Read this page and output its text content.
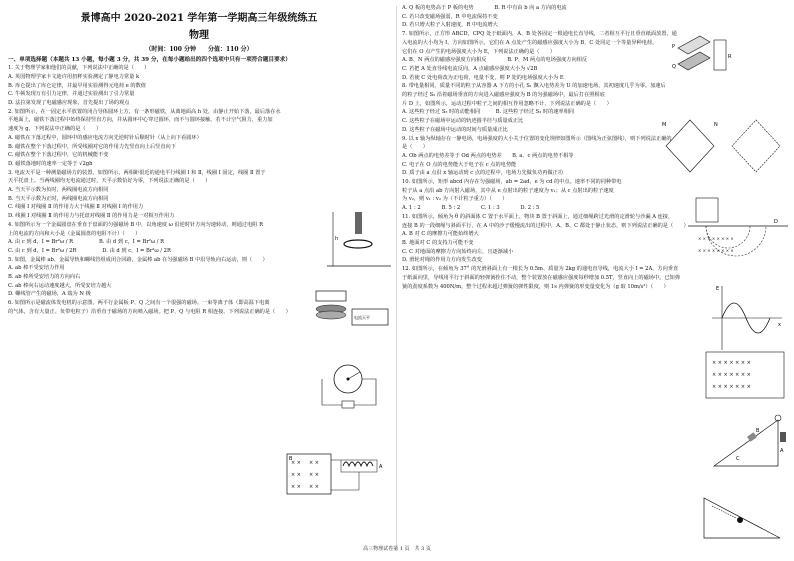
景博高中 2020-2021 学年第一学期高三年级统练五
物理
（时间：100 分钟　　分值：110 分）

一、单项选择题（本题共 13 小题，每小题 3 分，共 39 分，在每小题给出的四个选项中只有一项符合题目要求）

1. 关于物理学家和他们的贡献，下列说法中正确的是（　　）

A. 英国物理学家卡文迪许用扭秤实验测定了静电力常量 k

B. 库仑提出了库仑定律，并最早用实验测得元电荷 e 的数值

C. 牛顿发现万有引力定律，并通过实验测出了引力常量

D. 法拉第发现了电磁感应现象，首先提出了场的观点

2. 如图所示，在一固定水平放置的闭合导体圆环上方，有一条形磁铁，从离地面高 h 处，由静止开始下落，最后落在水

平地面上，磁铁下落过程中始终保持竖直方向，并从圆环中心穿过圆环，而不与圆环接触。若不计空气阻力，重力加

速度为 g，下列说法中正确的是（　　）

A. 磁铁在下落过程中，圆环中的感应电流方向先逆时针后顺时针（从上向下看圆环）

B. 磁铁在整个下落过程中，所受线圈对它的作用力先竖直向上后竖直向下

C. 磁铁在整个下落过程中，它的机械能不变

D. 磁铁落地时的速率一定等于 √2gh

3. 电流天平是一种测量磁场力的装置，如图所示，两相距很近的通电平行线圈 Ⅰ 和 Ⅱ，线圈 Ⅰ 固定，线圈 Ⅱ 置于

天平托盘上。当两线圈均无电流通过时，天平示数恰好为零，下列说法正确的是（　　）

A. 当天平示数为负时，两线圈电流方向相同

B. 当天平示数为正时，两线圈电流方向相同

C. 线圈 Ⅰ 对线圈 Ⅱ 的作用力大于线圈 Ⅱ 对线圈 Ⅰ 的作用力

D. 线圈 Ⅰ 对线圈 Ⅱ 的作用力与托盘对线圈 Ⅱ 的作用力是一对相互作用力

4. 如图所示为一个金属圆盘在垂直于盘面的匀强磁场 B 中，以角速度 ω 沿逆时针方向匀速转动，则通过电阻 R

上的电流的方向和大小是（金属圆盘的电阻不计）（　　）

A. 由 c 到 d，I = Br²ω / R　　　　　B. 由 d 到 c，I = Br²ω / R

C. 由 c 到 d，I = Br²ω / 2R　　　　　D. 由 d 到 c，I = Br²ω / 2R

5. 如图，金属棒 ab、金属导轨和螺线管组成闭合回路，金属棒 ab 在匀强磁场 B 中沿导轨向右运动，则（　　）

A. ab 棒不受安培力作用

B. ab 棒所受安培力的方向向右

C. ab 棒向右运动速度越大，所受安培力越大

D. 螺线管产生的磁场，A 端为 N 极

6. 如图所示是磁流体发电机的示意图，两平行金属板 P、Q 之间有一个很强的磁场。一束等离子体（即高温下电离

的气体，含有大量正、负带电粒子）沿垂直于磁场的方向喷入磁场。把 P、Q 与电阻 R 相连接。下列说法正确的是（　　）

A. Q 板的电势高于 P 板的电势　　　　B. R 中有由 b 向 a 方向的电流

C. 若只改变磁场强弱，R 中电流保持不变

D. 若只增大粒子入射速度，R 中电流增大

7. 如图所示，正方形 ABCD，CPQ 处于纸面内，A、B 处各固定一根通电长直导线，二者相互平行且垂直纸面放置，通

入电流的大小均为 I，方向如图所示，它们在 A 点处产生的磁感应强度大小为 B，C 处同定一个等量异种电荷，

它们在 O 点产生的电场强度大小为 E，下列说法正确的是（　　）

A. B、N 两点的磁感应强度方向相反　　　　B. P、M 两点的电场强度方向相反

C. 若把 A 处直导线电流反向，A 点磁感应强度大小为 √2B

D. 若使 C 处电荷改为正电荷，电量不变，则 P 处的电场强度大小为 E

8. 带电量相同、质量不同的粒子从容器 A 下方的小孔 S₁ 飘入电势差为 U 的加速电场，其初速度几乎为零。加速后

的粒子经过 S₃ 沿着磁场垂直的方向进入磁感应强度为 B 的匀强磁场中，最后打在照相底

片 D 上，如图所示，运动过程中粒子之间的相互作用忽略不计，下列说法正确的是（　　）

A. 这些粒子经过 S₃ 时的动能相同　　　B. 这些粒子经过 S₃ 时的速率相同

C. 这些粒子在磁场中运动的轨迹圆半径与质量成正比

D. 这些粒子在磁场中运动的时间与质量成正比

9. 以 x 轴为纵轴存在一静电场，电场强度的大小关于位置的变化规律如图所示（图线为正弦图线），则下列说法正确的

是（　　）

A. Ob 两点的电势差等于 Od 两点的电势差　　B. a、c 两点的电势不相等

C. 电子在 O 点的电势能大于电子在 c 点的电势能

D. 质子由 a 点沿 x 轴运动到 c 点的过程中，电场力先做负功再做正功

10. 如图所示，矩形 abcd 内存在匀强磁场，ab = 2ad，e 为 cd 的中点。速率不同的同种带电

粒子从 a 点沿 ab 方向射入磁场，其中从 e 点射出的粒子速度为 v₁；从 c 点射出的粒子速度

为 v₂，则 v₁ : v₂ 为（不计粒子重力）（　　）

A. 1 : 2　　　　B. 5 : 2　　　　C. 1 : 3　　　　D. 2 : 5

11. 如图所示，倾角为 θ 的斜面体 C 置于水平面上，物块 B 置于斜面上，通过细绳跨过光滑的定滑轮与沙漏 A 连接，

连接 B 的一段细绳与斜面平行，在 A 中的沙子缓慢流出的过程中，A、B、C 都处于静止状态，则下列说法正确的是（　　）

A. B 对 C 的摩擦力可能始终增大

B. 地面对 C 的支持力可能不变

C. C 对地面的摩擦力方向始终向左，且逐渐减小

D. 滑轮对绳的作用力方向发生改变

12. 如图所示，在倾角为 37° 的光滑斜面上有一根长为 0.5m、质量为 2kg 的通电直导线，电流大小 I = 2A，方向垂直

于纸面向里，导线用平行于斜面的轻弹簧拴住不动，整个装置放在磁感应强度每秒增加 0.5T，竖直向上的磁场中。已知弹

簧的劲度系数为 400N/m，整个过程未超过弹簧的弹性限度，则 1s 内弹簧的形变量变化为（g 取 10m/s²）（　　）

h
电流天平
× × × ×
× × × ×
× × × ×
B
A
P
Q
R
M	N
× × × × × × × ×
× × × × × × × ×
D
E
x
× × × × × × ×
× × × × × × ×
× × × × × × ×
C
B
A
高三物理试卷第 1 页　共 3 页
